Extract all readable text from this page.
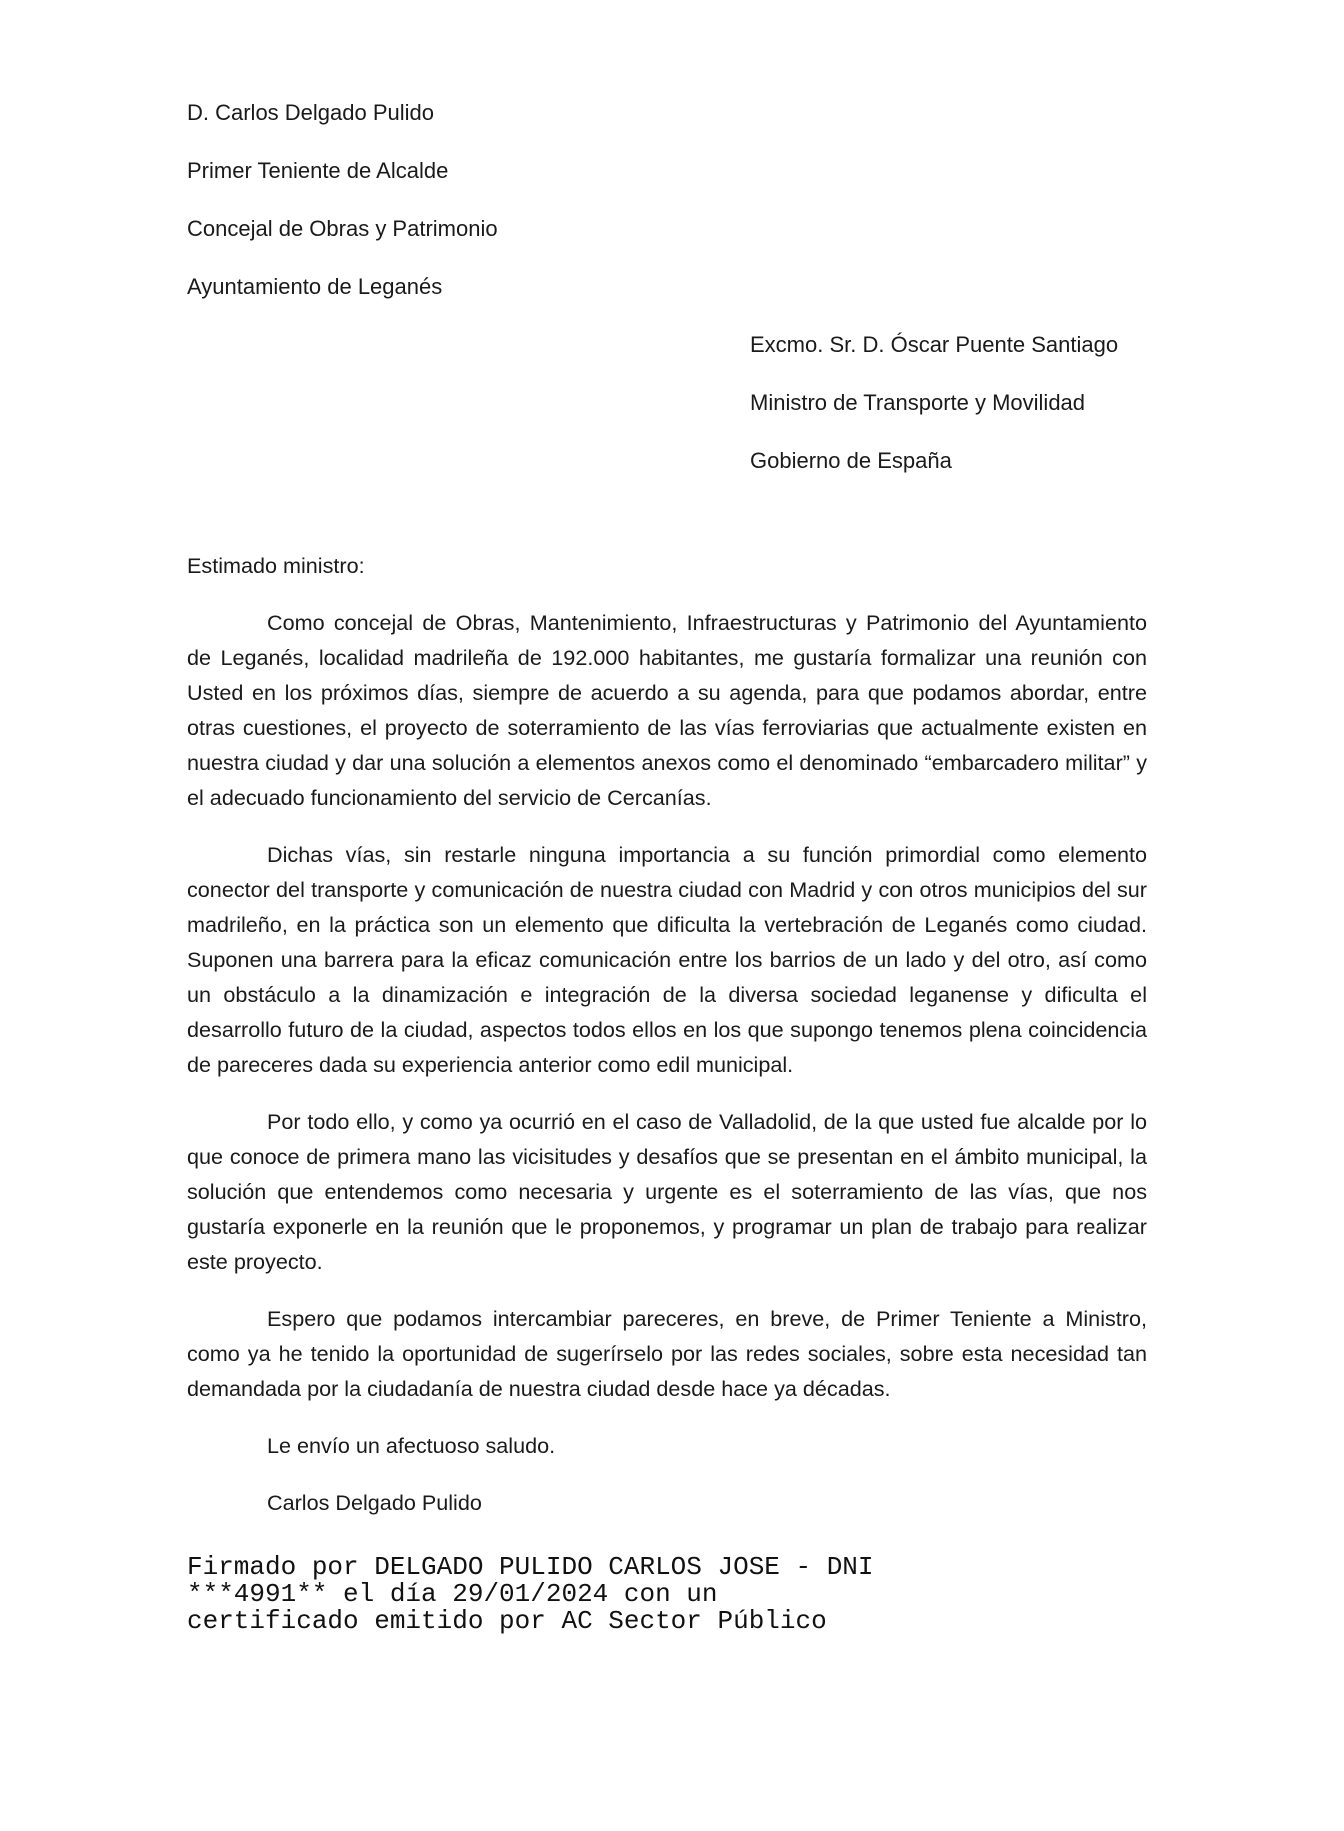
D. Carlos Delgado Pulido
Primer Teniente de Alcalde
Concejal de Obras y Patrimonio
Ayuntamiento de Leganés
Excmo. Sr. D. Óscar Puente Santiago
Ministro de Transporte y Movilidad
Gobierno de España

Estimado ministro:

Como concejal de Obras, Mantenimiento, Infraestructuras y Patrimonio del Ayuntamiento de Leganés, localidad madrileña de 192.000 habitantes, me gustaría formalizar una reunión con Usted en los próximos días, siempre de acuerdo a su agenda, para que podamos abordar, entre otras cuestiones, el proyecto de soterramiento de las vías ferroviarias que actualmente existen en nuestra ciudad y dar una solución a elementos anexos como el denominado “embarcadero militar” y el adecuado funcionamiento del servicio de Cercanías.

Dichas vías, sin restarle ninguna importancia a su función primordial como elemento conector del transporte y comunicación de nuestra ciudad con Madrid y con otros municipios del sur madrileño, en la práctica son un elemento que dificulta la vertebración de Leganés como ciudad. Suponen una barrera para la eficaz comunicación entre los barrios de un lado y del otro, así como un obstáculo a la dinamización e integración de la diversa sociedad leganense y dificulta el desarrollo futuro de la ciudad, aspectos todos ellos en los que supongo tenemos plena coincidencia de pareceres dada su experiencia anterior como edil municipal.

Por todo ello, y como ya ocurrió en el caso de Valladolid, de la que usted fue alcalde por lo que conoce de primera mano las vicisitudes y desafíos que se presentan en el ámbito municipal, la solución que entendemos como necesaria y urgente es el soterramiento de las vías, que nos gustaría exponerle en la reunión que le proponemos, y programar un plan de trabajo para realizar este proyecto.

Espero que podamos intercambiar pareceres, en breve, de Primer Teniente a Ministro, como ya he tenido la oportunidad de sugerírselo por las redes sociales, sobre esta necesidad tan demandada por la ciudadanía de nuestra ciudad desde hace ya décadas.

Le envío un afectuoso saludo.

Carlos Delgado Pulido

Firmado por DELGADO PULIDO CARLOS JOSE - DNI
***4991** el día 29/01/2024 con un
certificado emitido por AC Sector Público
